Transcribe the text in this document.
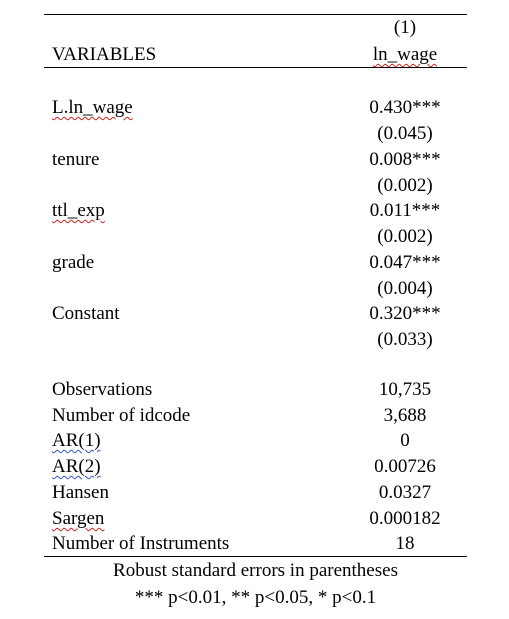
(1)
VARIABLES	ln_wage
L.ln_wage	0.430***
(0.045)
tenure	0.008***
(0.002)
ttl_exp	0.011***
(0.002)
grade	0.047***
(0.004)
Constant	0.320***
(0.033)
Observations	10,735
Number of idcode	3,688
AR(1)	0
AR(2)	0.00726
Hansen	0.0327
Sargen	0.000182
Number of Instruments	18
Robust standard errors in parentheses
*** p<0.01, ** p<0.05, * p<0.1
